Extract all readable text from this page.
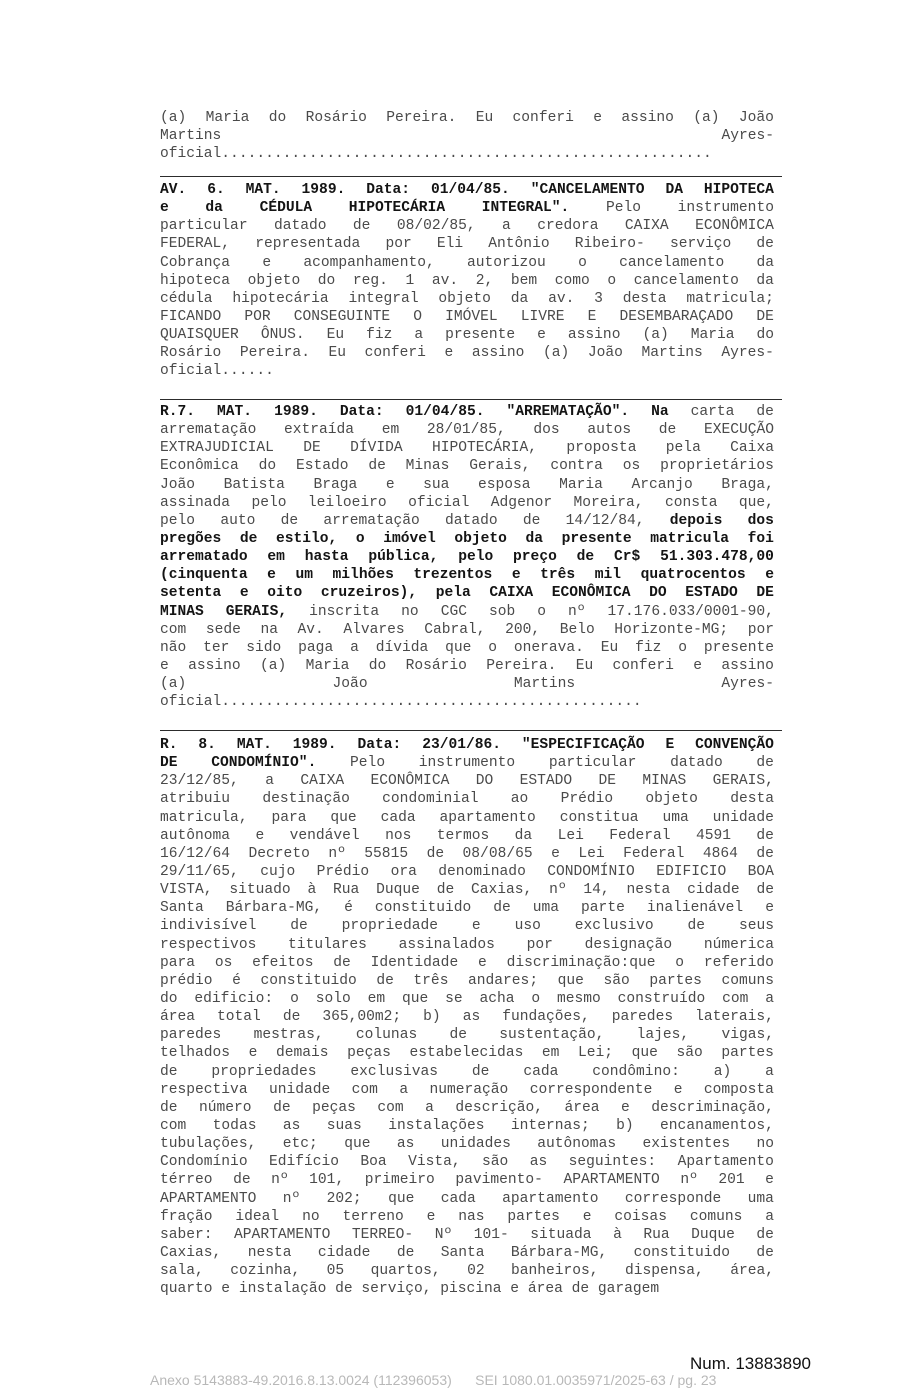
(a) Maria do Rosário Pereira. Eu conferi e assino (a) João
Martins	Ayres-
oficial........................................................
AV. 6. MAT. 1989. Data: 01/04/85. "CANCELAMENTO DA HIPOTECA
e	da	CÉDULA	HIPOTECÁRIA	INTEGRAL".	Pelo	instrumento
particular datado de 08/02/85, a credora CAIXA ECONÔMICA
FEDERAL, representada por Eli Antônio Ribeiro- serviço de
Cobrança e acompanhamento, autorizou o cancelamento da
hipoteca objeto do reg. 1 av. 2, bem como o cancelamento da
cédula hipotecária integral objeto da av. 3 desta matricula;
FICANDO POR CONSEGUINTE O IMÓVEL LIVRE E DESEMBARAÇADO DE
QUAISQUER ÔNUS. Eu fiz a presente e assino (a) Maria do
Rosário Pereira. Eu conferi e assino (a) João Martins Ayres-
oficial......
R.7. MAT. 1989. Data: 01/04/85. "ARREMATAÇÃO". Na carta de
arrematação extraída em 28/01/85, dos autos de EXECUÇÃO
EXTRAJUDICIAL DE DÍVIDA HIPOTECÁRIA, proposta pela Caixa
Econômica do Estado de Minas Gerais, contra os proprietários
João Batista Braga e sua esposa Maria Arcanjo Braga,
assinada pelo leiloeiro oficial Adgenor Moreira, consta que,
pelo auto de arrematação datado de 14/12/84, depois dos
pregões de estilo, o imóvel objeto da presente matricula foi
arrematado em hasta pública, pelo preço de Cr$ 51.303.478,00
(cinquenta e um milhões trezentos e três mil quatrocentos e
setenta e oito cruzeiros), pela CAIXA ECONÔMICA DO ESTADO DE
MINAS GERAIS, inscrita no CGC sob o nº 17.176.033/0001-90,
com sede na Av. Alvares Cabral, 200, Belo Horizonte-MG; por
não ter sido paga a dívida que o onerava. Eu fiz o presente
e assino (a) Maria do Rosário Pereira. Eu conferi e assino
(a)	João	Martins	Ayres-
oficial................................................
R. 8. MAT. 1989. Data: 23/01/86. "ESPECIFICAÇÃO E CONVENÇÃO
DE CONDOMÍNIO". Pelo instrumento particular datado de
23/12/85, a CAIXA ECONÔMICA DO ESTADO DE MINAS GERAIS,
atribuiu destinação condominial ao Prédio objeto desta
matricula, para que cada apartamento constitua uma unidade
autônoma e vendável nos termos da Lei Federal 4591 de
16/12/64 Decreto nº 55815 de 08/08/65 e Lei Federal 4864 de
29/11/65, cujo Prédio ora denominado CONDOMÍNIO EDIFICIO BOA
VISTA, situado à Rua Duque de Caxias, nº 14, nesta cidade de
Santa Bárbara-MG, é constituido de uma parte inalienável e
indivisível de propriedade e uso exclusivo de seus
respectivos titulares assinalados por designação númerica
para os efeitos de Identidade e discriminação:que o referido
prédio é constituido de três andares; que são partes comuns
do edificio: o solo em que se acha o mesmo construído com a
área total de 365,00m2; b) as fundações, paredes laterais,
paredes mestras, colunas de sustentação, lajes, vigas,
telhados e demais peças estabelecidas em Lei; que são partes
de propriedades exclusivas de cada condômino: a) a
respectiva unidade com a numeração correspondente e composta
de número de peças com a descrição, área e descriminação,
com todas as suas instalações internas; b) encanamentos,
tubulações, etc; que as unidades autônomas existentes no
Condomínio Edifício Boa Vista, são as seguintes: Apartamento
térreo de nº 101, primeiro pavimento- APARTAMENTO nº 201 e
APARTAMENTO nº 202; que cada apartamento corresponde uma
fração ideal no terreno e nas partes e coisas comuns a
saber: APARTAMENTO TERREO- Nº 101- situada à Rua Duque de
Caxias, nesta cidade de Santa Bárbara-MG, constituido de
sala, cozinha, 05 quartos, 02 banheiros, dispensa, área,
quarto e instalação de serviço, piscina e área de garagem
Num. 13883890
Anexo 5143883-49.2016.8.13.0024 (112396053)      SEI 1080.01.0035971/2025-63 / pg. 23
